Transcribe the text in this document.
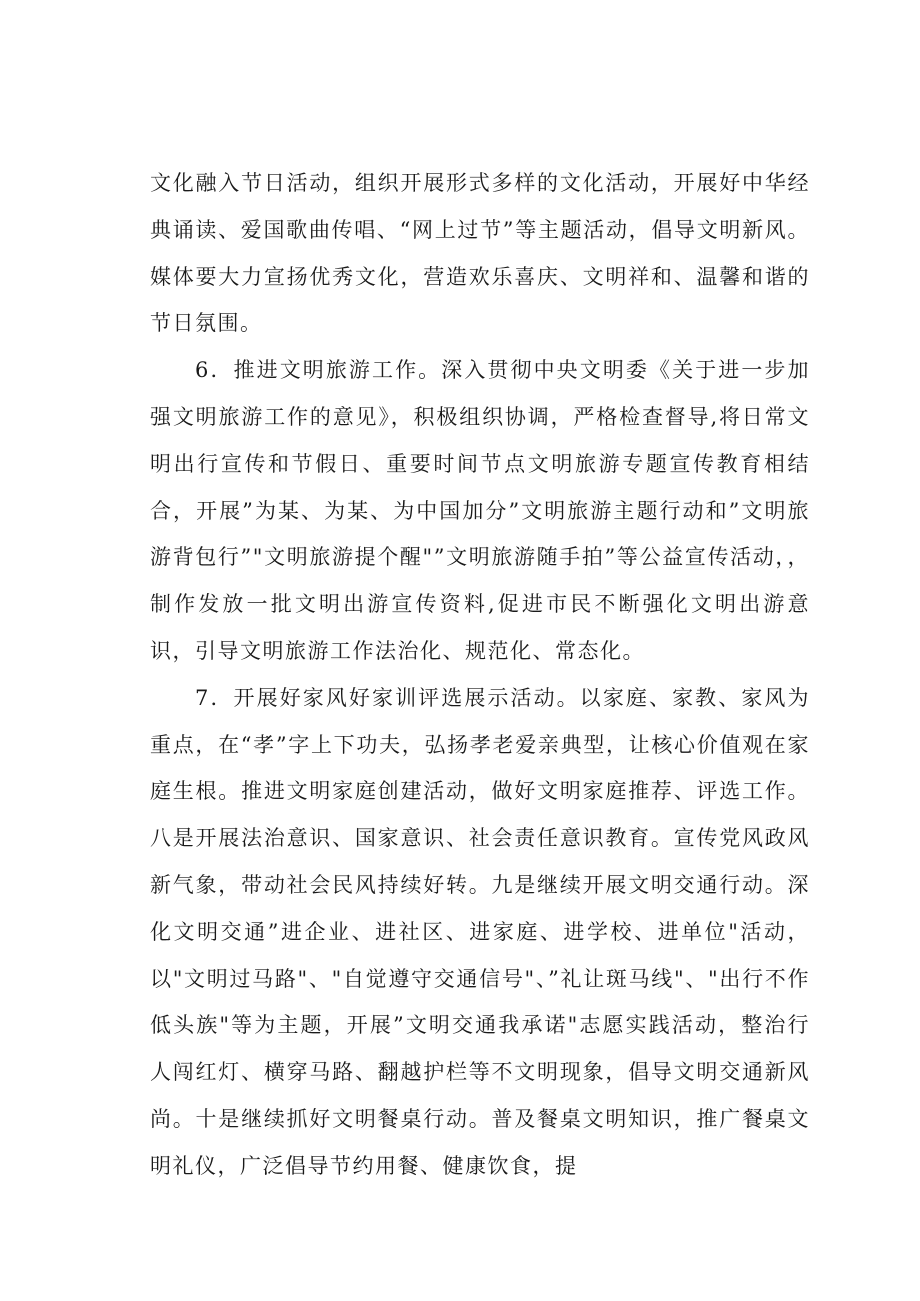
文化融入节日活动，组织开展形式多样的文化活动，开展好中华经典诵读、爱国歌曲传唱、“网上过节”等主题活动，倡导文明新风。媒体要大力宣扬优秀文化，营造欢乐喜庆、文明祥和、温馨和谐的节日氛围。

6．推进文明旅游工作。深入贯彻中央文明委《关于进一步加强文明旅游工作的意见》，积极组织协调，严格检查督导,将日常文明出行宣传和节假日、重要时间节点文明旅游专题宣传教育相结合，开展”为某、为某、为中国加分”文明旅游主题行动和”文明旅游背包行”"文明旅游提个醒"”文明旅游随手拍”等公益宣传活动，，制作发放一批文明出游宣传资料,促进市民不断强化文明出游意识，引导文明旅游工作法治化、规范化、常态化。

7．开展好家风好家训评选展示活动。以家庭、家教、家风为重点，在“孝”字上下功夫，弘扬孝老爱亲典型，让核心价值观在家庭生根。推进文明家庭创建活动，做好文明家庭推荐、评选工作。八是开展法治意识、国家意识、社会责任意识教育。宣传党风政风新气象，带动社会民风持续好转。九是继续开展文明交通行动。深化文明交通”进企业、进社区、进家庭、进学校、进单位"活动，以"文明过马路"、"自觉遵守交通信号"、”礼让斑马线"、"出行不作低头族"等为主题，开展”文明交通我承诺"志愿实践活动，整治行人闯红灯、横穿马路、翻越护栏等不文明现象，倡导文明交通新风尚。十是继续抓好文明餐桌行动。普及餐桌文明知识，推广餐桌文明礼仪，广泛倡导节约用餐、健康饮食，提
